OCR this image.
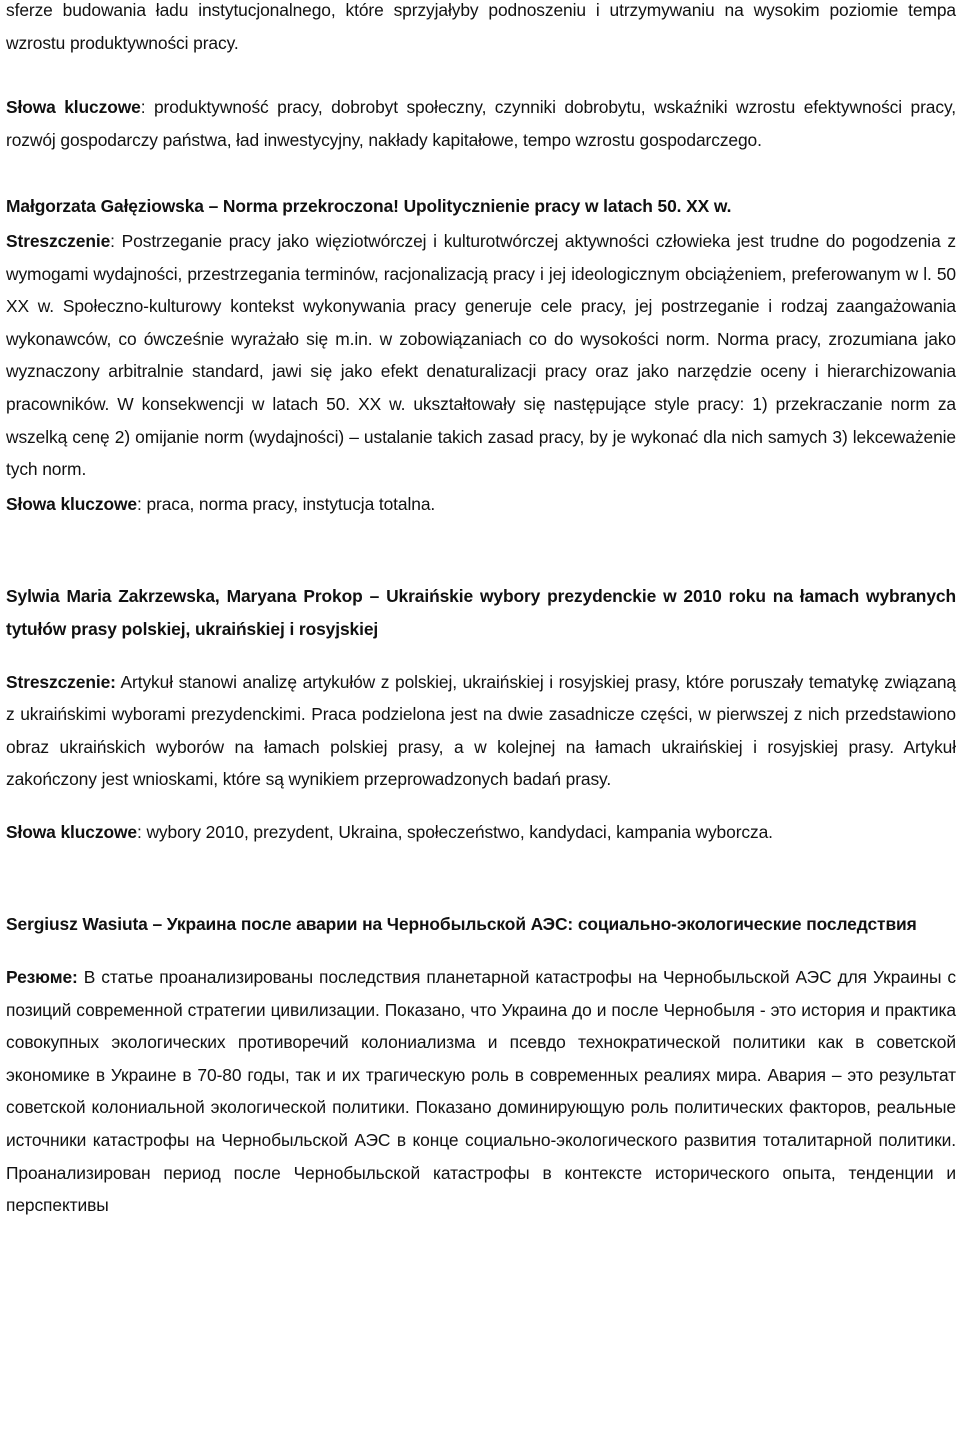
sferze budowania ładu instytucjonalnego, które sprzyjałyby podnoszeniu i utrzymywaniu na wysokim poziomie tempa wzrostu produktywności pracy.

Słowa kluczowe: produktywność pracy, dobrobyt społeczny, czynniki dobrobytu, wskaźniki wzrostu efektywności pracy, rozwój gospodarczy państwa, ład inwestycyjny, nakłady kapitałowe, tempo wzrostu gospodarczego.

Małgorzata Gałęziowska – Norma przekroczona! Upolitycznienie pracy w latach 50. XX w.

Streszczenie: Postrzeganie pracy jako więziotwórczej i kulturotwórczej aktywności człowieka jest trudne do pogodzenia z wymogami wydajności, przestrzegania terminów, racjonalizacją pracy i jej ideologicznym obciążeniem, preferowanym w l. 50 XX w. Społeczno-kulturowy kontekst wykonywania pracy generuje cele pracy, jej postrzeganie i rodzaj zaangażowania wykonawców, co ówcześnie wyrażało się m.in. w zobowiązaniach co do wysokości norm. Norma pracy, zrozumiana jako wyznaczony arbitralnie standard, jawi się jako efekt denaturalizacji pracy oraz jako narzędzie oceny i hierarchizowania pracowników. W konsekwencji w latach 50. XX w. ukształtowały się następujące style pracy: 1) przekraczanie norm za wszelką cenę 2) omijanie norm (wydajności) – ustalanie takich zasad pracy, by je wykonać dla nich samych 3) lekceważenie tych norm.

Słowa kluczowe: praca, norma pracy, instytucja totalna.

Sylwia Maria Zakrzewska, Maryana Prokop – Ukraińskie wybory prezydenckie w 2010 roku na łamach wybranych tytułów prasy polskiej, ukraińskiej i rosyjskiej

Streszczenie: Artykuł stanowi analizę artykułów z polskiej, ukraińskiej i rosyjskiej prasy, które poruszały tematykę związaną z ukraińskimi wyborami prezydenckimi. Praca podzielona jest na dwie zasadnicze części, w pierwszej z nich przedstawiono obraz ukraińskich wyborów na łamach polskiej prasy, a w kolejnej na łamach ukraińskiej i rosyjskiej prasy. Artykuł zakończony jest wnioskami, które są wynikiem przeprowadzonych badań prasy.

Słowa kluczowe: wybory 2010, prezydent, Ukraina, społeczeństwo, kandydaci, kampania wyborcza.

Sergiusz Wasiuta – Украина после аварии на Чернобыльской АЭС: социально-экологические последствия

Резюме: В статье проанализированы последствия планетарной катастрофы на Чернобыльской АЭС для Украины с позиций современной стратегии цивилизации. Показано, что Украина до и после Чернобыля - это история и практика совокупных экологических противоречий колониализма и псевдо технократической политики как в советской экономике в Украине в 70-80 годы, так и их трагическую роль в современных реалиях мира. Авария – это результат советской колониальной экологической политики. Показано доминирующую роль политических факторов, реальные источники катастрофы на Чернобыльской АЭС в конце социально-экологического развития тоталитарной политики. Проанализирован период после Чернобыльской катастрофы в контексте исторического опыта, тенденции и перспективы
